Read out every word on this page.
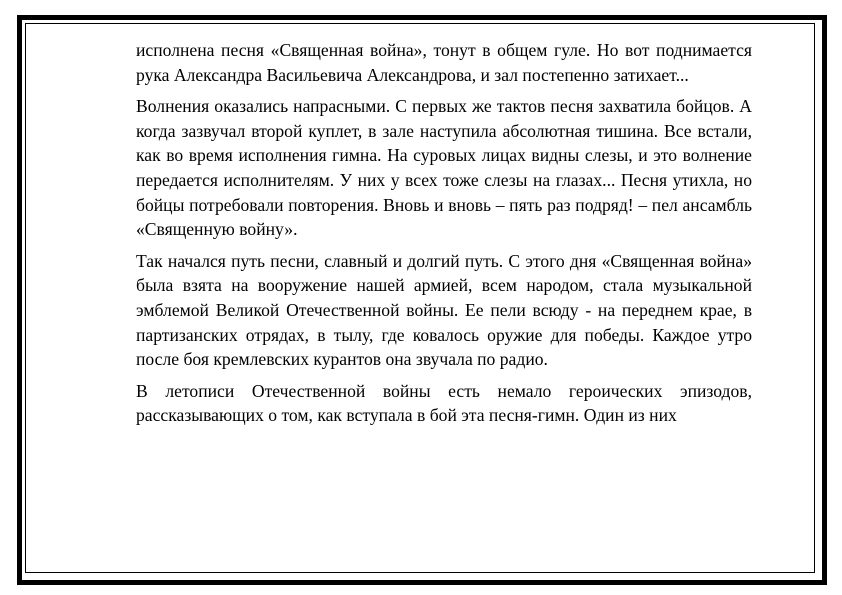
исполнена песня «Священная война», тонут в общем гуле. Но вот поднимается рука Александра Васильевича Александрова, и зал постепенно затихает...

Волнения оказались напрасными. С первых же тактов песня захватила бойцов. А когда зазвучал второй куплет, в зале наступила абсолютная тишина. Все встали, как во время исполнения гимна. На суровых лицах видны слезы, и это волнение передается исполнителям. У них у всех тоже слезы на глазах... Песня утихла, но бойцы потребовали повторения. Вновь и вновь – пять раз подряд! – пел ансамбль «Священную войну».

Так начался путь песни, славный и долгий путь. С этого дня «Священная война» была взята на вооружение нашей армией, всем народом, стала музыкальной эмблемой Великой Отечественной войны. Ее пели всюду - на переднем крае, в партизанских отрядах, в тылу, где ковалось оружие для победы. Каждое утро после боя кремлевских курантов она звучала по радио.

В летописи Отечественной войны есть немало героических эпизодов, рассказывающих о том, как вступала в бой эта песня-гимн. Один из них
